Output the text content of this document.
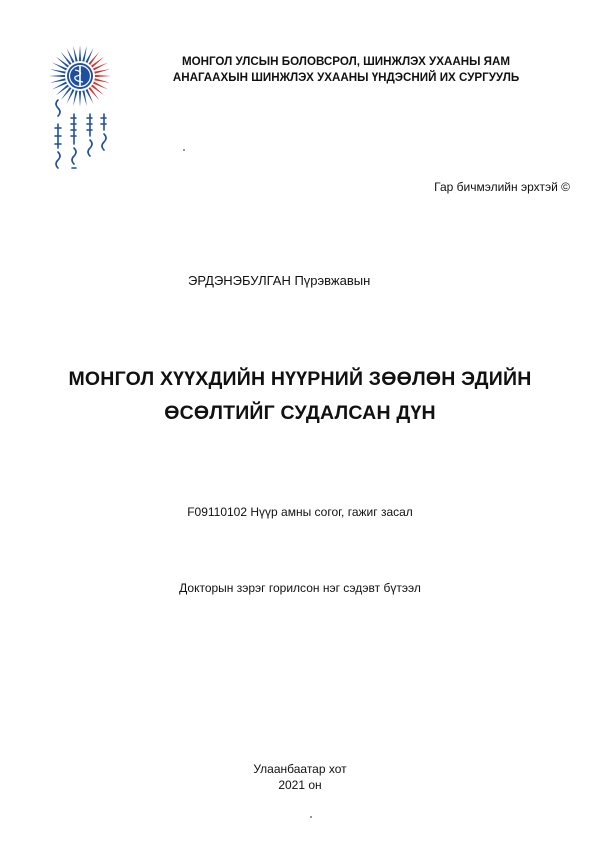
МОНГОЛ УЛСЫН БОЛОВСРОЛ, ШИНЖЛЭХ УХААНЫ ЯАМ
АНАГААХЫН ШИНЖЛЭХ УХААНЫ ҮНДЭСНИЙ ИХ СУРГУУЛЬ
Гар бичмэлийн эрхтэй ©
ЭРДЭНЭБУЛГАН Пүрэвжавын
МОНГОЛ ХҮҮХДИЙН НҮҮРНИЙ ЗӨӨЛӨН ЭДИЙН
ӨСӨЛТИЙГ СУДАЛСАН ДҮН
F09110102 Нүүр амны согог, гажиг засал
Докторын зэрэг горилсон нэг сэдэвт бүтээл
Улаанбаатар хот
2021 он
